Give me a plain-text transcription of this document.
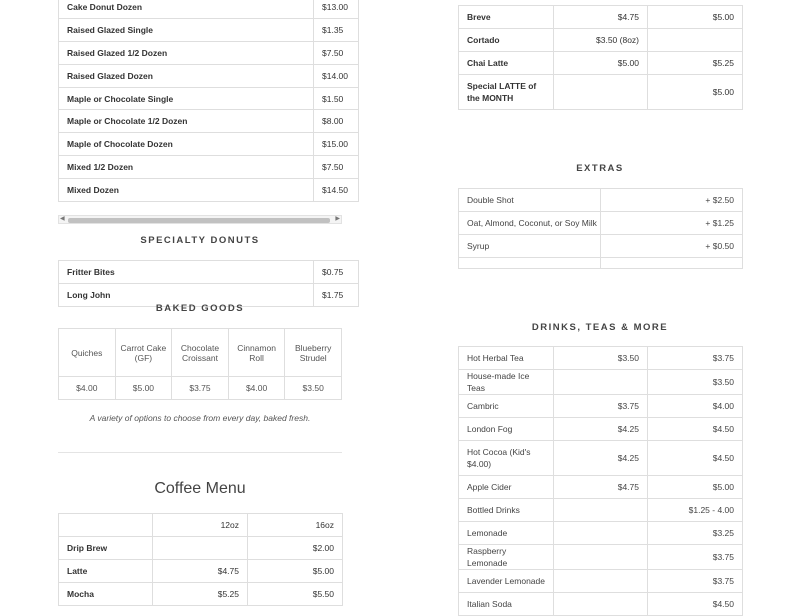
Cake Donut Dozen	$13.00
Raised Glazed Single	$1.35
Raised Glazed 1/2 Dozen	$7.50
Raised Glazed Dozen	$14.00
Maple or Chocolate Single	$1.50
Maple or Chocolate 1/2 Dozen	$8.00
Maple of Chocolate Dozen	$15.00
Mixed 1/2 Dozen	$7.50
Mixed Dozen	$14.50
◀	▶
SPECIALTY DONUTS
Fritter Bites	$0.75
Long John	$1.75
BAKED GOODS
Quiches	Carrot Cake (GF)	Chocolate Croissant	Cinnamon Roll	Blueberry Strudel
$4.00	$5.00	$3.75	$4.00	$3.50
A variety of options to choose from every day, baked fresh.
Coffee Menu
	12oz	16oz
Drip Brew		$2.00
Latte	$4.75	$5.00
Mocha	$5.25	$5.50
Breve	$4.75	$5.00
Cortado	$3.50 (8oz)	
Chai Latte	$5.00	$5.25
Special LATTE of the MONTH		$5.00
EXTRAS
Double Shot	+ $2.50
Oat, Almond, Coconut, or Soy Milk	+ $1.25
Syrup	+ $0.50

DRINKS, TEAS & MORE
Hot Herbal Tea	$3.50	$3.75
House-made Ice Teas		$3.50
Cambric	$3.75	$4.00
London Fog	$4.25	$4.50
Hot Cocoa (Kid's $4.00)	$4.25	$4.50
Apple Cider	$4.75	$5.00
Bottled Drinks		$1.25 - 4.00
Lemonade		$3.25
Raspberry Lemonade		$3.75
Lavender Lemonade		$3.75
Italian Soda		$4.50
